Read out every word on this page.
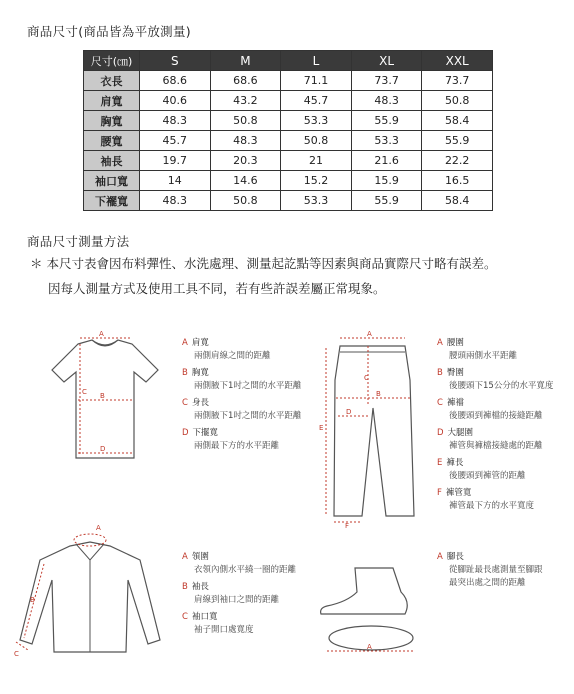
商品尺寸(商品皆為平放測量)
尺寸(㎝)	S	M	L	XL	XXL
衣長	68.6	68.6	71.1	73.7	73.7
肩寬	40.6	43.2	45.7	48.3	50.8
胸寬	48.3	50.8	53.3	55.9	58.4
腰寬	45.7	48.3	50.8	53.3	55.9
袖長	19.7	20.3	21	21.6	22.2
袖口寬	14	14.6	15.2	15.9	16.5
下襬寬	48.3	50.8	53.3	55.9	58.4
商品尺寸測量方法
＊ 本尺寸表會因布料彈性、水洗處理、測量起訖點等因素與商品實際尺寸略有誤差。
因每人測量方式及使用工具不同，若有些許誤差屬正常現象。
A
B
C
D
A 肩寬
兩側肩線之間的距離
B 胸寬
兩側腋下1吋之間的水平距離
C 身長
兩側腋下1吋之間的水平距離
D 下擺寬
兩側最下方的水平距離
A
B
C
D
E
F
A 腰圍
腰頭兩側水平距離
B 臀圍
後腰頭下15公分的水平寬度
C 褲襠
後腰頭到褲檔的接縫距離
D 大腿圍
褲管與褲檔接縫處的距離
E 褲長
後腰頭到褲管的距離
F 褲管寬
褲管最下方的水平寬度
A
B
C
A 領圍
衣領內側水平繞一圈的距離
B 袖長
肩線到袖口之間的距離
C 袖口寬
袖子開口處寬度
A
A 腳長
從腳趾最長處測量至腳跟
最突出處之間的距離
